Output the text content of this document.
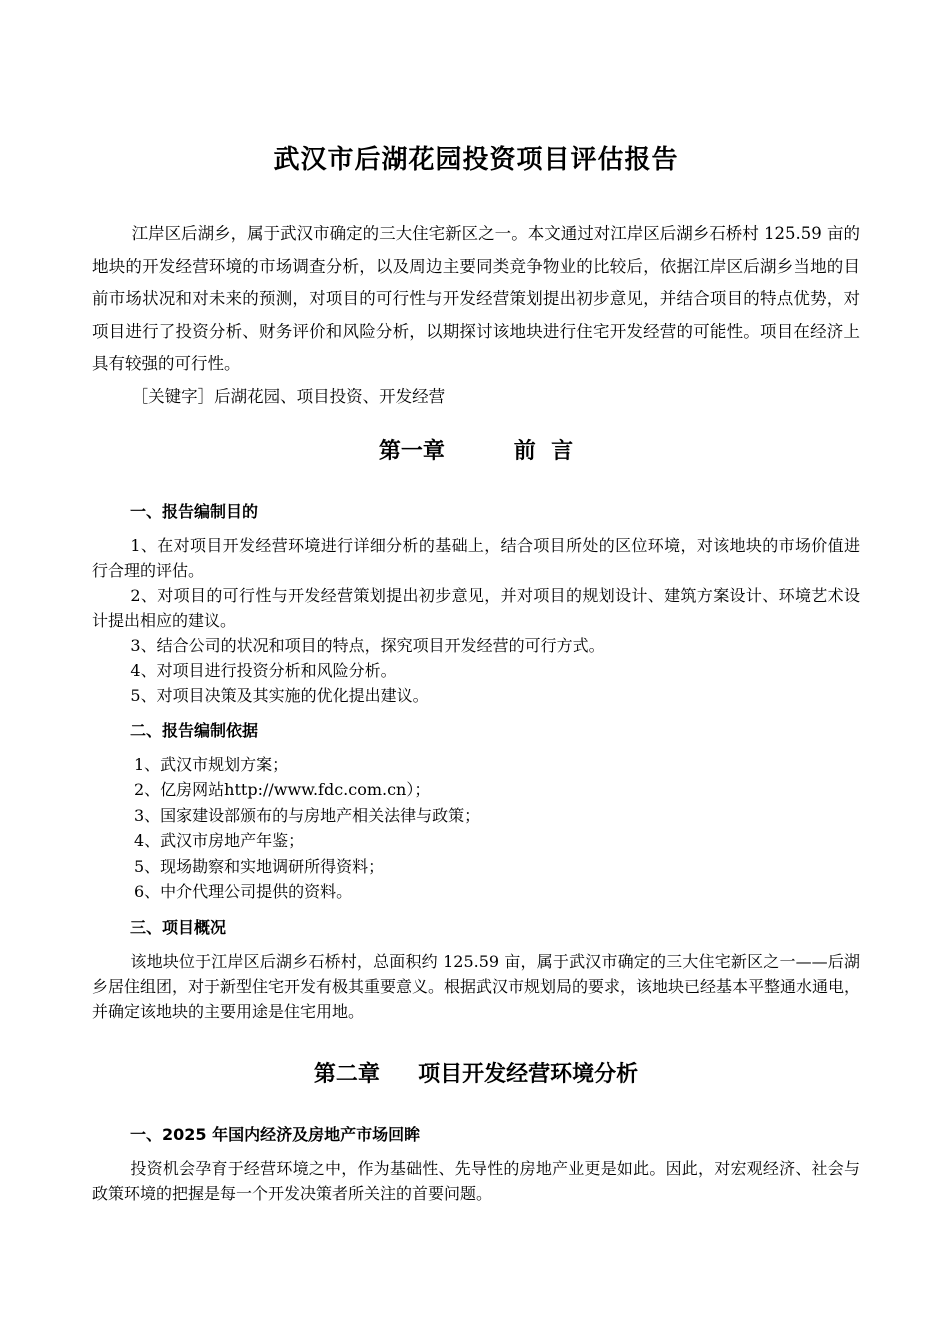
武汉市后湖花园投资项目评估报告

江岸区后湖乡，属于武汉市确定的三大住宅新区之一。本文通过对江岸区后湖乡石桥村 125.59 亩的地块的开发经营环境的市场调查分析，以及周边主要同类竞争物业的比较后，依据江岸区后湖乡当地的目前市场状况和对未来的预测，对项目的可行性与开发经营策划提出初步意见，并结合项目的特点优势，对项目进行了投资分析、财务评价和风险分析，以期探讨该地块进行住宅开发经营的可能性。项目在经济上具有较强的可行性。

［关键字］后湖花园、项目投资、开发经营

第一章         前  言
一、报告编制目的

1、在对项目开发经营环境进行详细分析的基础上，结合项目所处的区位环境，对该地块的市场价值进行合理的评估。

2、对项目的可行性与开发经营策划提出初步意见，并对项目的规划设计、建筑方案设计、环境艺术设计提出相应的建议。

3、结合公司的状况和项目的特点，探究项目开发经营的可行方式。

4、对项目进行投资分析和风险分析。

5、对项目决策及其实施的优化提出建议。

二、报告编制依据

1、武汉市规划方案；

2、亿房网站http://www.fdc.com.cn）；

3、国家建设部颁布的与房地产相关法律与政策；

4、武汉市房地产年鉴；

5、现场勘察和实地调研所得资料；

6、中介代理公司提供的资料。

三、项目概况

该地块位于江岸区后湖乡石桥村，总面积约 125.59 亩，属于武汉市确定的三大住宅新区之一——后湖乡居住组团，对于新型住宅开发有极其重要意义。根据武汉市规划局的要求，该地块已经基本平整通水通电，并确定该地块的主要用途是住宅用地。

第二章     项目开发经营环境分析
一、2025 年国内经济及房地产市场回眸

投资机会孕育于经营环境之中，作为基础性、先导性的房地产业更是如此。因此，对宏观经济、社会与政策环境的把握是每一个开发决策者所关注的首要问题。
